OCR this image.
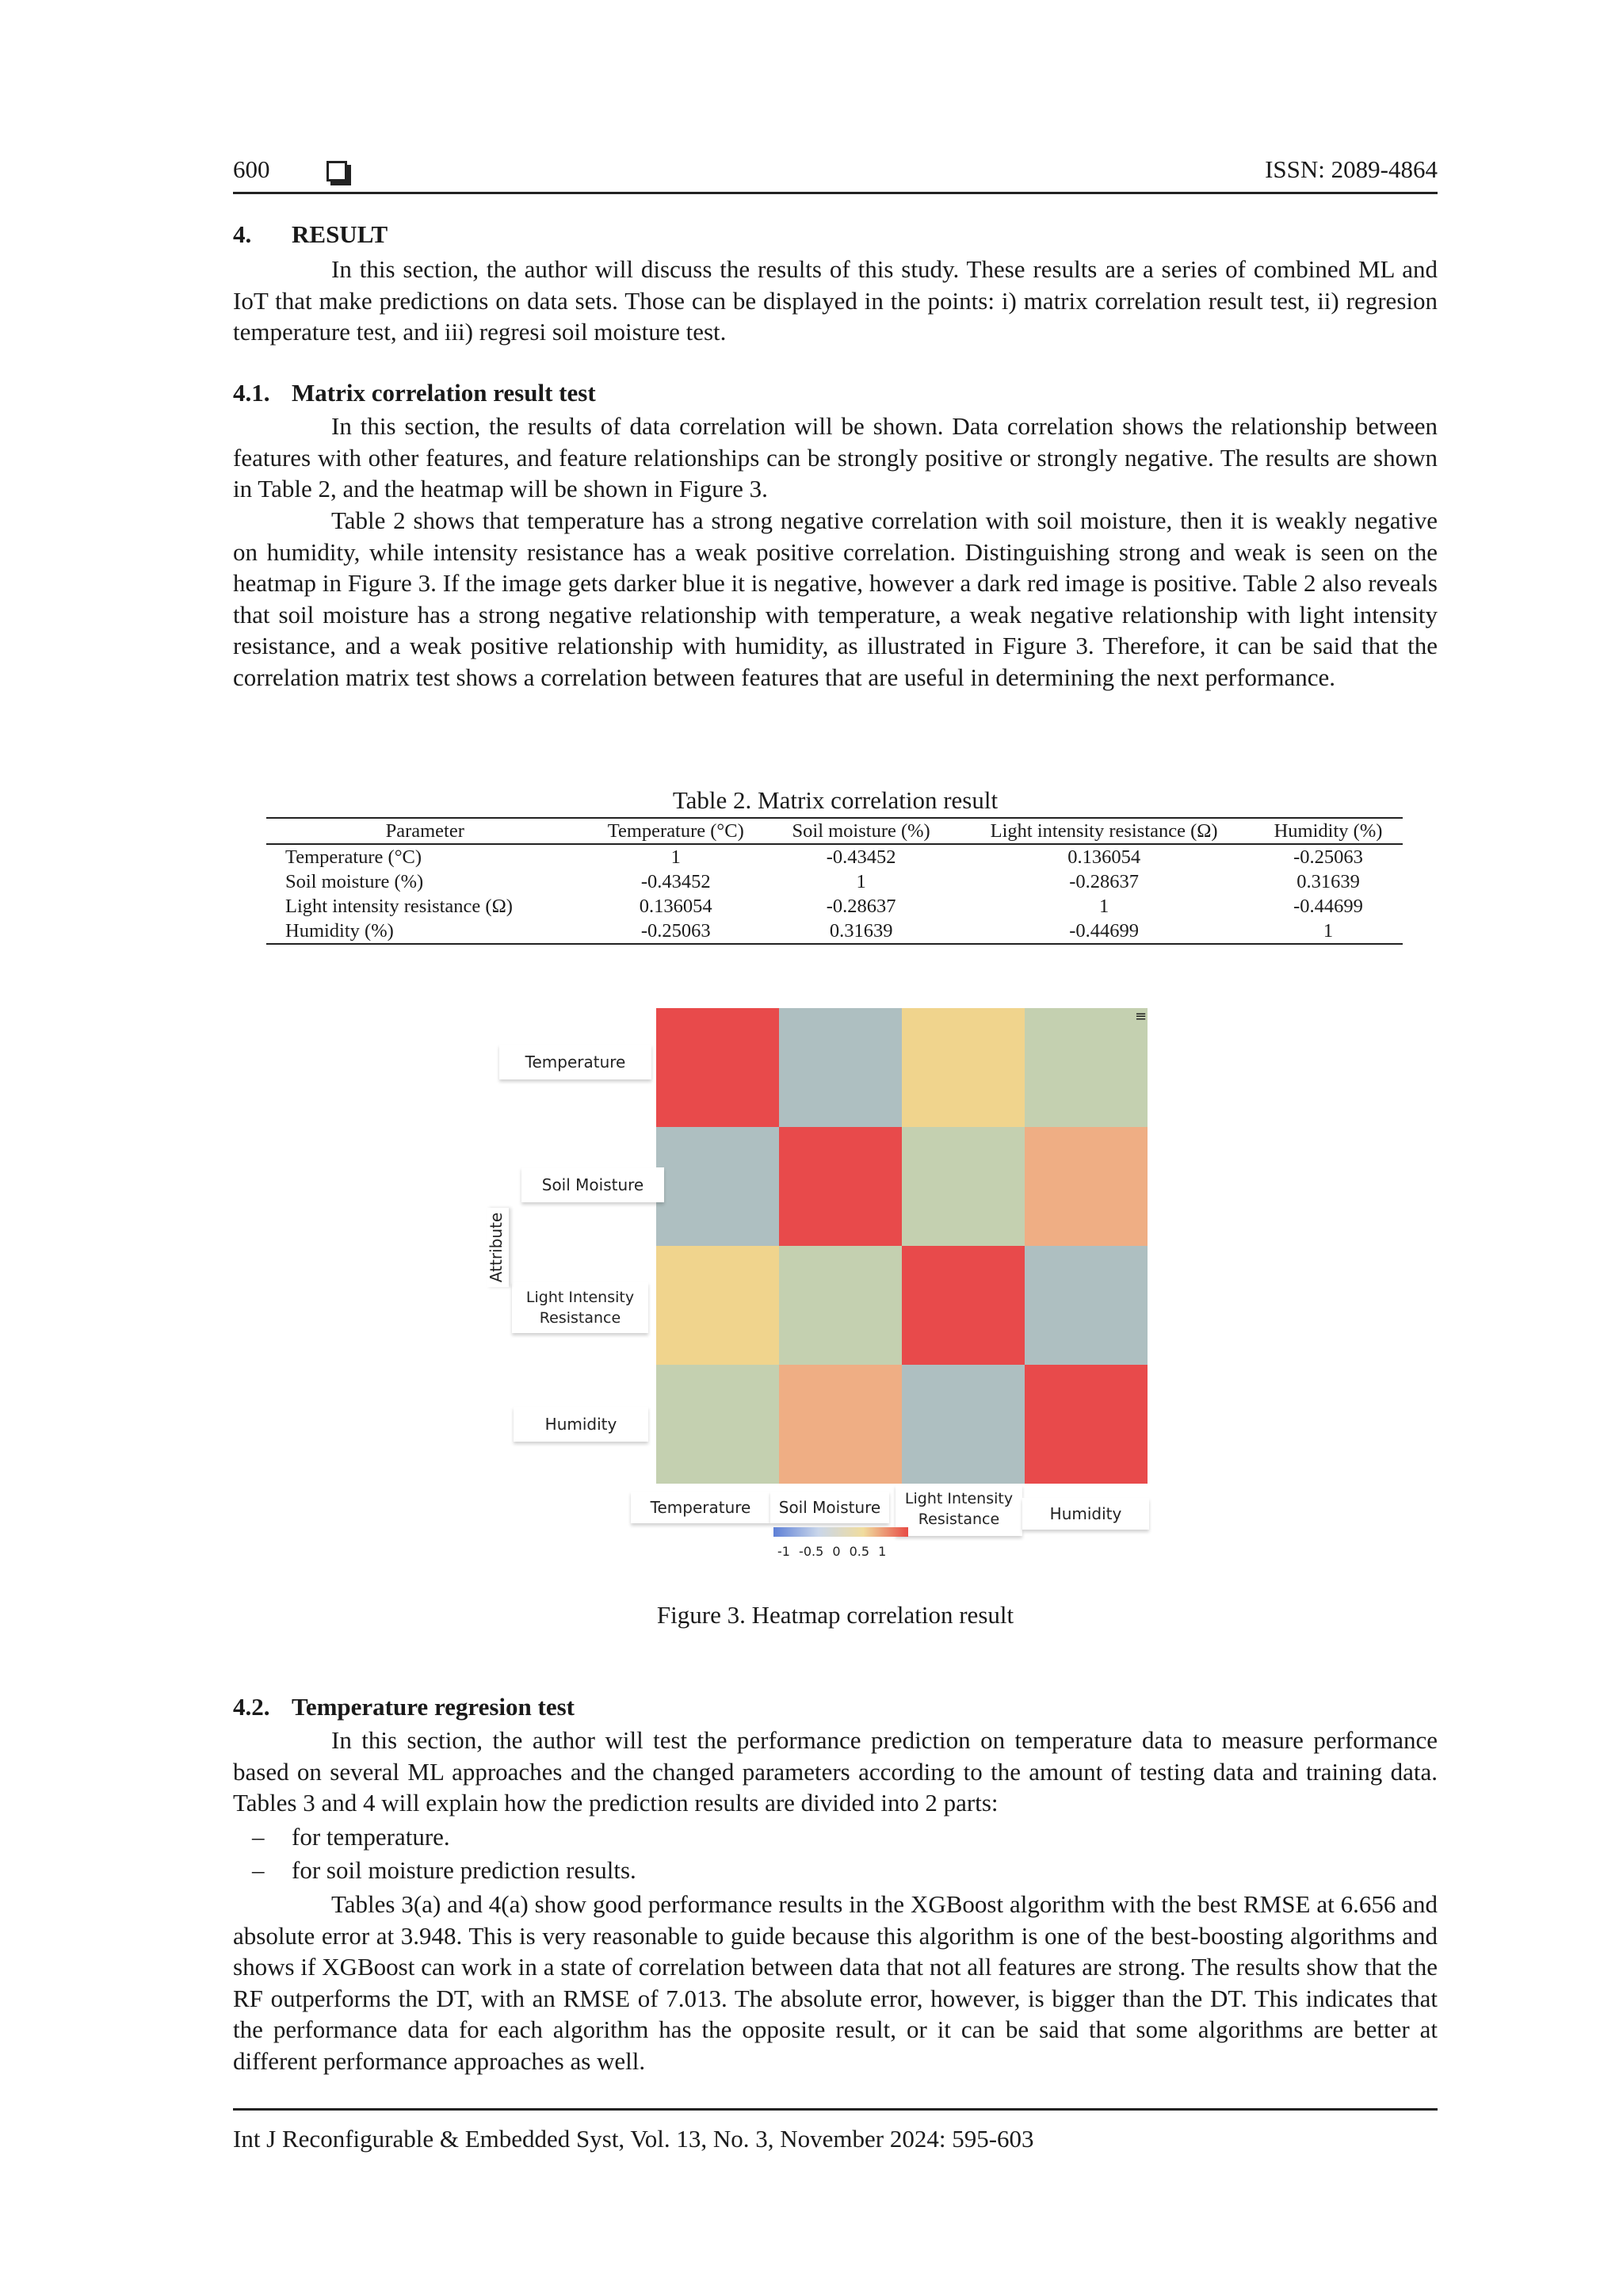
600	ISSN: 2089-4864
4. RESULT

In this section, the author will discuss the results of this study. These results are a series of combined ML and IoT that make predictions on data sets. Those can be displayed in the points: i) matrix correlation result test, ii) regresion temperature test, and iii) regresi soil moisture test.

4.1. Matrix correlation result test

In this section, the results of data correlation will be shown. Data correlation shows the relationship between features with other features, and feature relationships can be strongly positive or strongly negative. The results are shown in Table 2, and the heatmap will be shown in Figure 3.

Table 2 shows that temperature has a strong negative correlation with soil moisture, then it is weakly negative on humidity, while intensity resistance has a weak positive correlation. Distinguishing strong and weak is seen on the heatmap in Figure 3. If the image gets darker blue it is negative, however a dark red image is positive. Table 2 also reveals that soil moisture has a strong negative relationship with temperature, a weak negative relationship with light intensity resistance, and a weak positive relationship with humidity, as illustrated in Figure 3. Therefore, it can be said that the correlation matrix test shows a correlation between features that are useful in determining the next performance.

Table 2. Matrix correlation result
Parameter	Temperature (°C)	Soil moisture (%)	Light intensity resistance (Ω)	Humidity (%)
Temperature (°C)	1	-0.43452	0.136054	-0.25063
Soil moisture (%)	-0.43452	1	-0.28637	0.31639
Light intensity resistance (Ω)	0.136054	-0.28637	1	-0.44699
Humidity (%)	-0.25063	0.31639	-0.44699	1
≡
Temperature
Soil Moisture
Light Intensity Resistance
Humidity
Attribute
Temperature	Soil Moisture	Light Intensity Resistance	Humidity
-1 -0.5 0 0.5 1
Figure 3. Heatmap correlation result
4.2. Temperature regresion test

In this section, the author will test the performance prediction on temperature data to measure performance based on several ML approaches and the changed parameters according to the amount of testing data and training data. Tables 3 and 4 will explain how the prediction results are divided into 2 parts:

– for temperature.
– for soil moisture prediction results.

Tables 3(a) and 4(a) show good performance results in the XGBoost algorithm with the best RMSE at 6.656 and absolute error at 3.948. This is very reasonable to guide because this algorithm is one of the best-boosting algorithms and shows if XGBoost can work in a state of correlation between data that not all features are strong. The results show that the RF outperforms the DT, with an RMSE of 7.013. The absolute error, however, is bigger than the DT. This indicates that the performance data for each algorithm has the opposite result, or it can be said that some algorithms are better at different performance approaches as well.

Int J Reconfigurable & Embedded Syst, Vol. 13, No. 3, November 2024: 595-603
